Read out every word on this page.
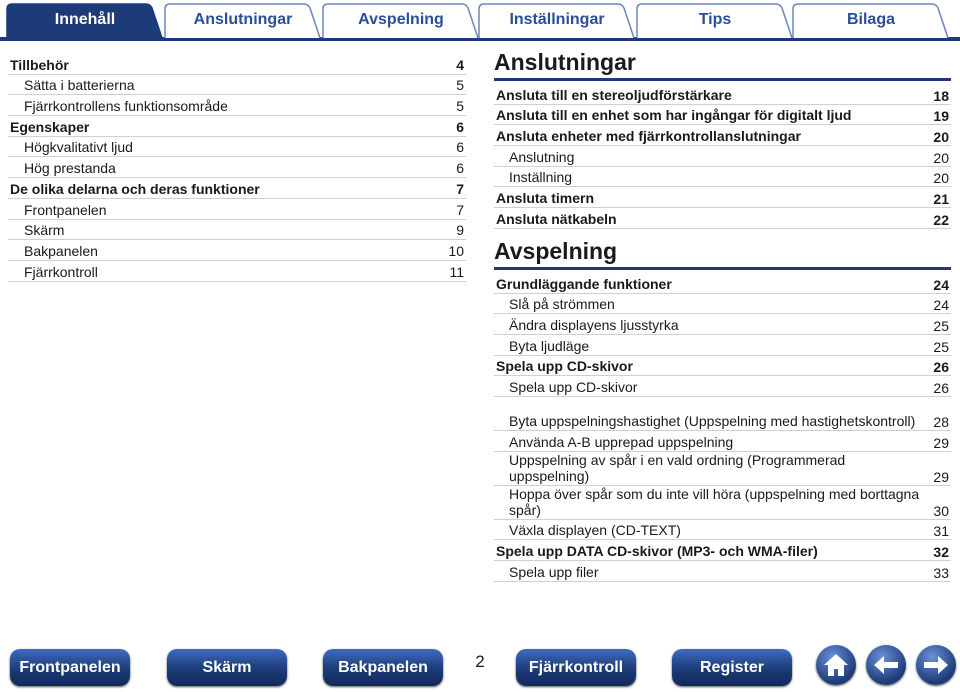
Innehåll	Anslutningar	Avspelning	Inställningar	Tips	Bilaga
Tillbehör	4
Sätta i batterierna	5
Fjärrkontrollens funktionsområde	5
Egenskaper	6
Högkvalitativt ljud	6
Hög prestanda	6
De olika delarna och deras funktioner	7
Frontpanelen	7
Skärm	9
Bakpanelen	10
Fjärrkontroll	11
Anslutningar
Ansluta till en stereoljudförstärkare	18
Ansluta till en enhet som har ingångar för digitalt ljud	19
Ansluta enheter med fjärrkontrollanslutningar	20
Anslutning	20
Inställning	20
Ansluta timern	21
Ansluta nätkabeln	22
Avspelning
Grundläggande funktioner	24
Slå på strömmen	24
Ändra displayens ljusstyrka	25
Byta ljudläge	25
Spela upp CD-skivor	26
Spela upp CD-skivor	26
Byta uppspelningshastighet (Uppspelning med hastighetskontroll)	28
Använda A-B upprepad uppspelning	29
Uppspelning av spår i en vald ordning (Programmerad uppspelning)	29
Hoppa över spår som du inte vill höra (uppspelning med borttagna spår)	30
Växla displayen (CD-TEXT)	31
Spela upp DATA CD-skivor (MP3- och WMA-filer)	32
Spela upp filer	33
Frontpanelen	Skärm	Bakpanelen	Fjärrkontroll	Register
2
